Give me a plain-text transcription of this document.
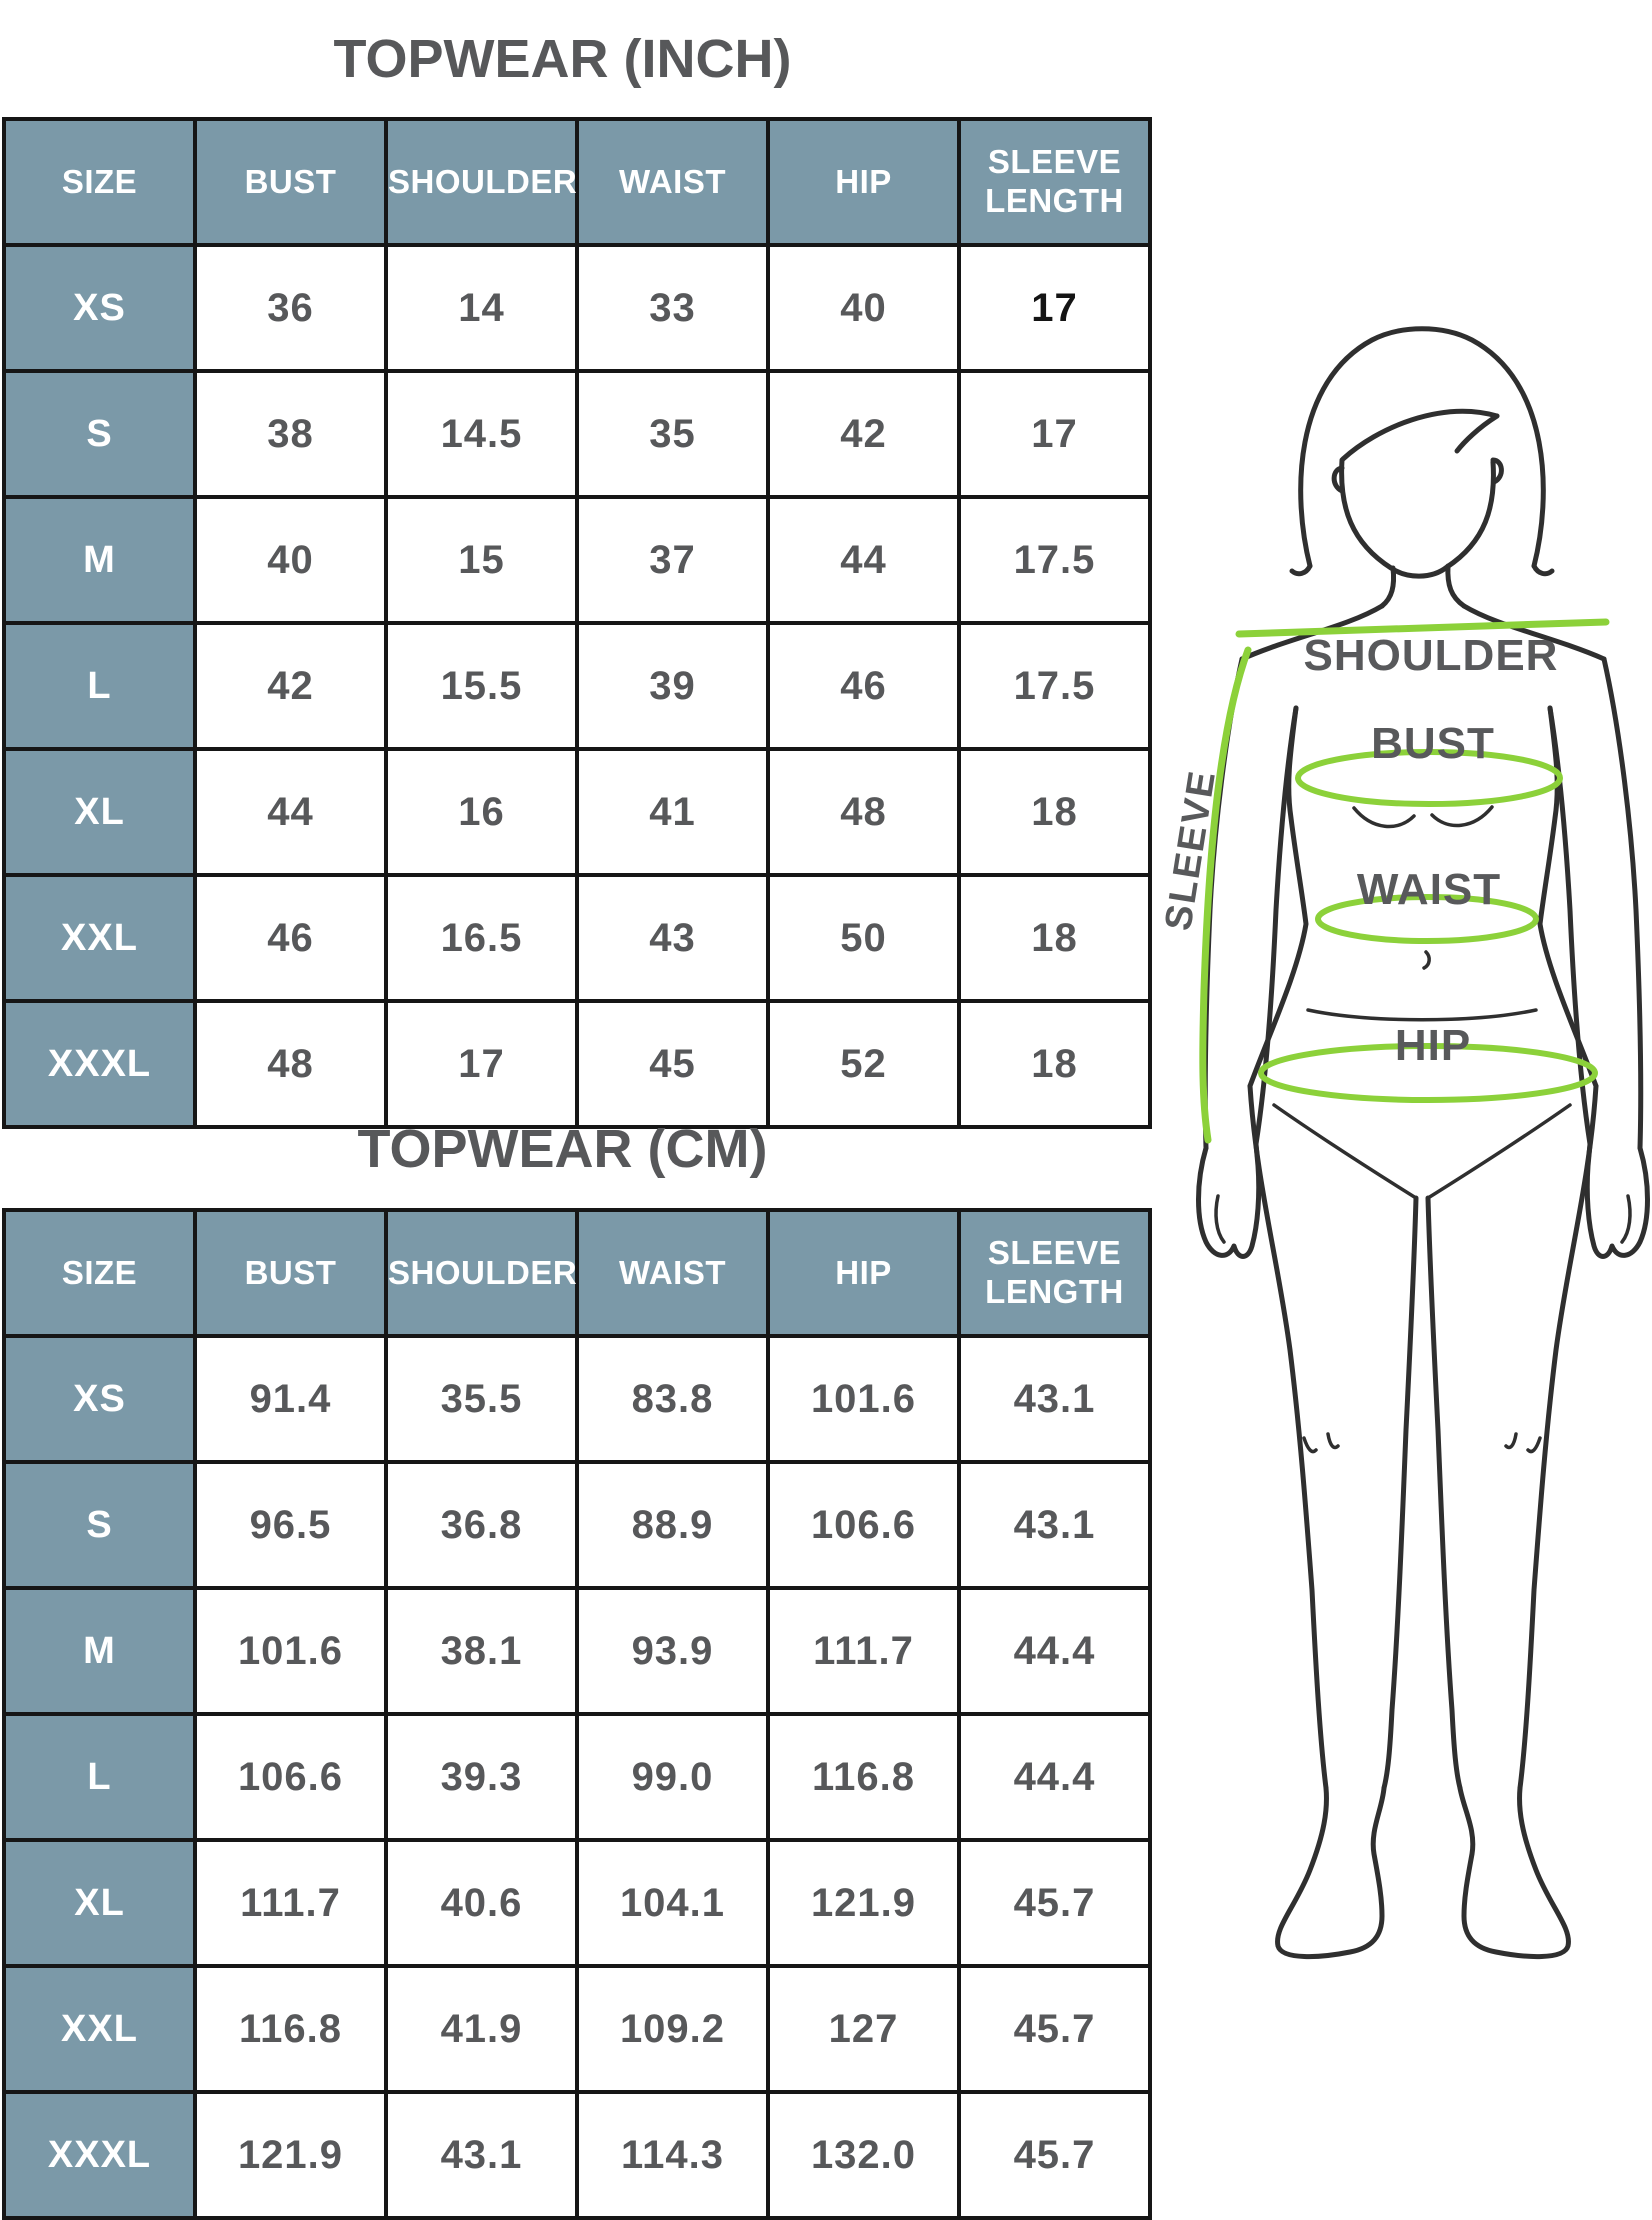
TOPWEAR (INCH)
SIZE	BUST	SHOULDER	WAIST	HIP	SLEEVE LENGTH
XS	36	14	33	40	17
S	38	14.5	35	42	17
M	40	15	37	44	17.5
L	42	15.5	39	46	17.5
XL	44	16	41	48	18
XXL	46	16.5	43	50	18
XXXL	48	17	45	52	18
TOPWEAR (CM)
SIZE	BUST	SHOULDER	WAIST	HIP	SLEEVE LENGTH
XS	91.4	35.5	83.8	101.6	43.1
S	96.5	36.8	88.9	106.6	43.1
M	101.6	38.1	93.9	111.7	44.4
L	106.6	39.3	99.0	116.8	44.4
XL	111.7	40.6	104.1	121.9	45.7
XXL	116.8	41.9	109.2	127	45.7
XXXL	121.9	43.1	114.3	132.0	45.7
SHOULDER
BUST
WAIST
HIP
SLEEVE
